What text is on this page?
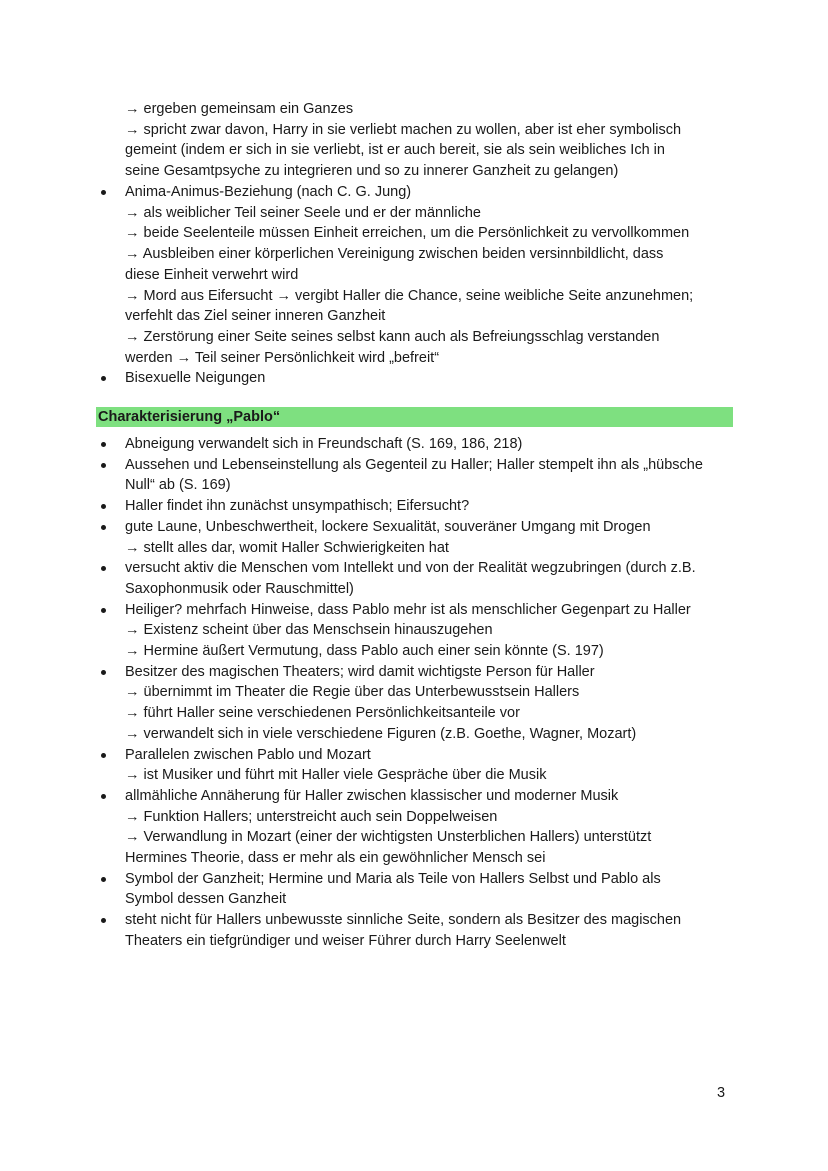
→ ergeben gemeinsam ein Ganzes
→ spricht zwar davon, Harry in sie verliebt machen zu wollen, aber ist eher symbolisch
gemeint (indem er sich in sie verliebt, ist er auch bereit, sie als sein weibliches Ich in
seine Gesamtpsyche zu integrieren und so zu innerer Ganzheit zu gelangen)
Anima-Animus-Beziehung (nach C. G. Jung)
→ als weiblicher Teil seiner Seele und er der männliche
→ beide Seelenteile müssen Einheit erreichen, um die Persönlichkeit zu vervollkommen
→ Ausbleiben einer körperlichen Vereinigung zwischen beiden versinnbildlicht, dass
diese Einheit verwehrt wird
→ Mord aus Eifersucht → vergibt Haller die Chance, seine weibliche Seite anzunehmen;
verfehlt das Ziel seiner inneren Ganzheit
→ Zerstörung einer Seite seines selbst kann auch als Befreiungsschlag verstanden
werden → Teil seiner Persönlichkeit wird „befreit“
Bisexuelle Neigungen
Charakterisierung „Pablo“
Abneigung verwandelt sich in Freundschaft (S. 169, 186, 218)
Aussehen und Lebenseinstellung als Gegenteil zu Haller; Haller stempelt ihn als „hübsche
Null“ ab (S. 169)
Haller findet ihn zunächst unsympathisch; Eifersucht?
gute Laune, Unbeschwertheit, lockere Sexualität, souveräner Umgang mit Drogen
→ stellt alles dar, womit Haller Schwierigkeiten hat
versucht aktiv die Menschen vom Intellekt und von der Realität wegzubringen (durch z.B.
Saxophonmusik oder Rauschmittel)
Heiliger? mehrfach Hinweise, dass Pablo mehr ist als menschlicher Gegenpart zu Haller
→ Existenz scheint über das Menschsein hinauszugehen
→ Hermine äußert Vermutung, dass Pablo auch einer sein könnte (S. 197)
Besitzer des magischen Theaters; wird damit wichtigste Person für Haller
→ übernimmt im Theater die Regie über das Unterbewusstsein Hallers
→ führt Haller seine verschiedenen Persönlichkeitsanteile vor
→ verwandelt sich in viele verschiedene Figuren (z.B. Goethe, Wagner, Mozart)
Parallelen zwischen Pablo und Mozart
→ ist Musiker und führt mit Haller viele Gespräche über die Musik
allmähliche Annäherung für Haller zwischen klassischer und moderner Musik
→ Funktion Hallers; unterstreicht auch sein Doppelweisen
→ Verwandlung in Mozart (einer der wichtigsten Unsterblichen Hallers) unterstützt
Hermines Theorie, dass er mehr als ein gewöhnlicher Mensch sei
Symbol der Ganzheit; Hermine und Maria als Teile von Hallers Selbst und Pablo als
Symbol dessen Ganzheit
steht nicht für Hallers unbewusste sinnliche Seite, sondern als Besitzer des magischen
Theaters ein tiefgründiger und weiser Führer durch Harry Seelenwelt
3
